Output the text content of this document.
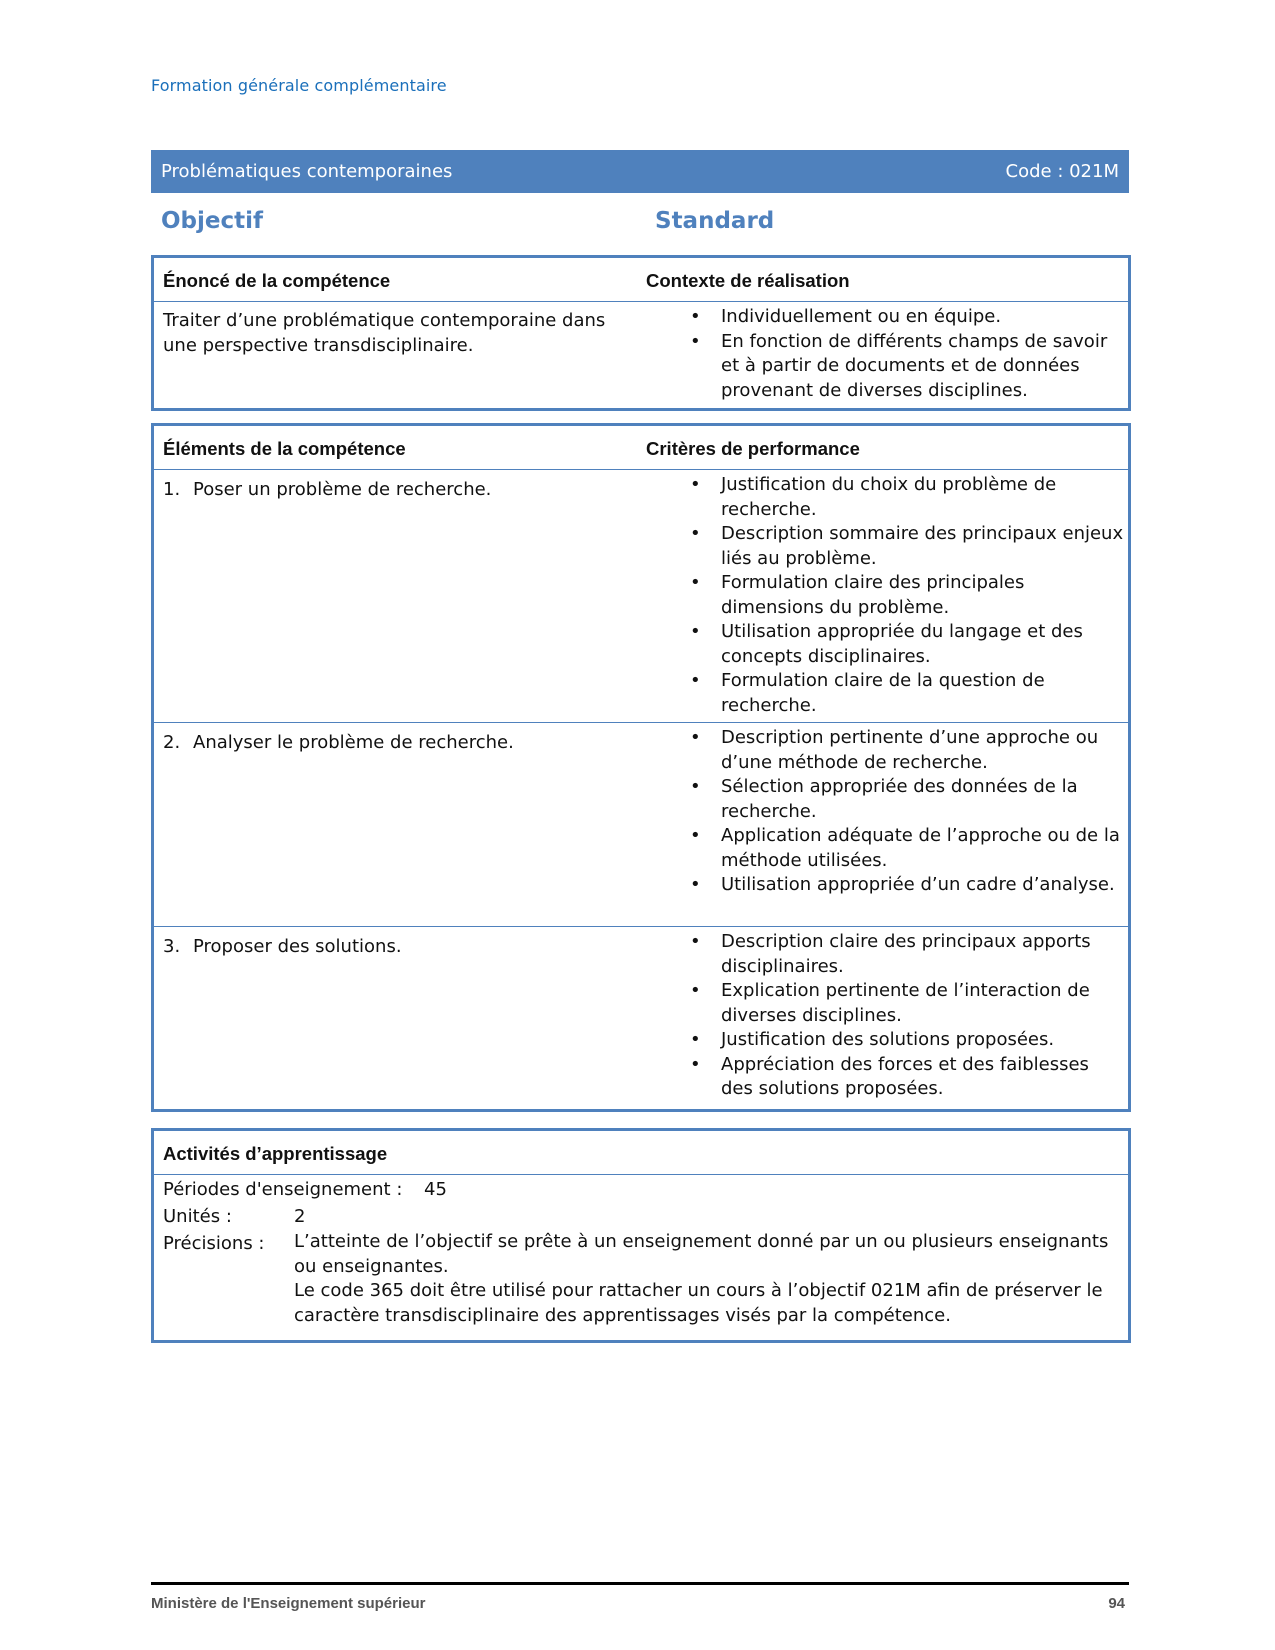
Formation générale complémentaire
Problématiques contemporaines	Code : 021M
Objectif	Standard
Énoncé de la compétence	Contexte de réalisation
Traiter d’une problématique contemporaine dans une perspective transdisciplinaire.
• Individuellement ou en équipe.
• En fonction de différents champs de savoir et à partir de documents et de données provenant de diverses disciplines.
Éléments de la compétence	Critères de performance
1. Poser un problème de recherche.	• Justification du choix du problème de recherche.
• Description sommaire des principaux enjeux liés au problème.
• Formulation claire des principales dimensions du problème.
• Utilisation appropriée du langage et des concepts disciplinaires.
• Formulation claire de la question de recherche.
2. Analyser le problème de recherche.	• Description pertinente d’une approche ou d’une méthode de recherche.
• Sélection appropriée des données de la recherche.
• Application adéquate de l’approche ou de la méthode utilisées.
• Utilisation appropriée d’un cadre d’analyse.
3. Proposer des solutions.	• Description claire des principaux apports disciplinaires.
• Explication pertinente de l’interaction de diverses disciplines.
• Justification des solutions proposées.
• Appréciation des forces et des faiblesses des solutions proposées.
Activités d’apprentissage
Périodes d'enseignement : 45
Unités :	2
Précisions : L’atteinte de l’objectif se prête à un enseignement donné par un ou plusieurs enseignants ou enseignantes.
Le code 365 doit être utilisé pour rattacher un cours à l’objectif 021M afin de préserver le caractère transdisciplinaire des apprentissages visés par la compétence.
Ministère de l'Enseignement supérieur	94
